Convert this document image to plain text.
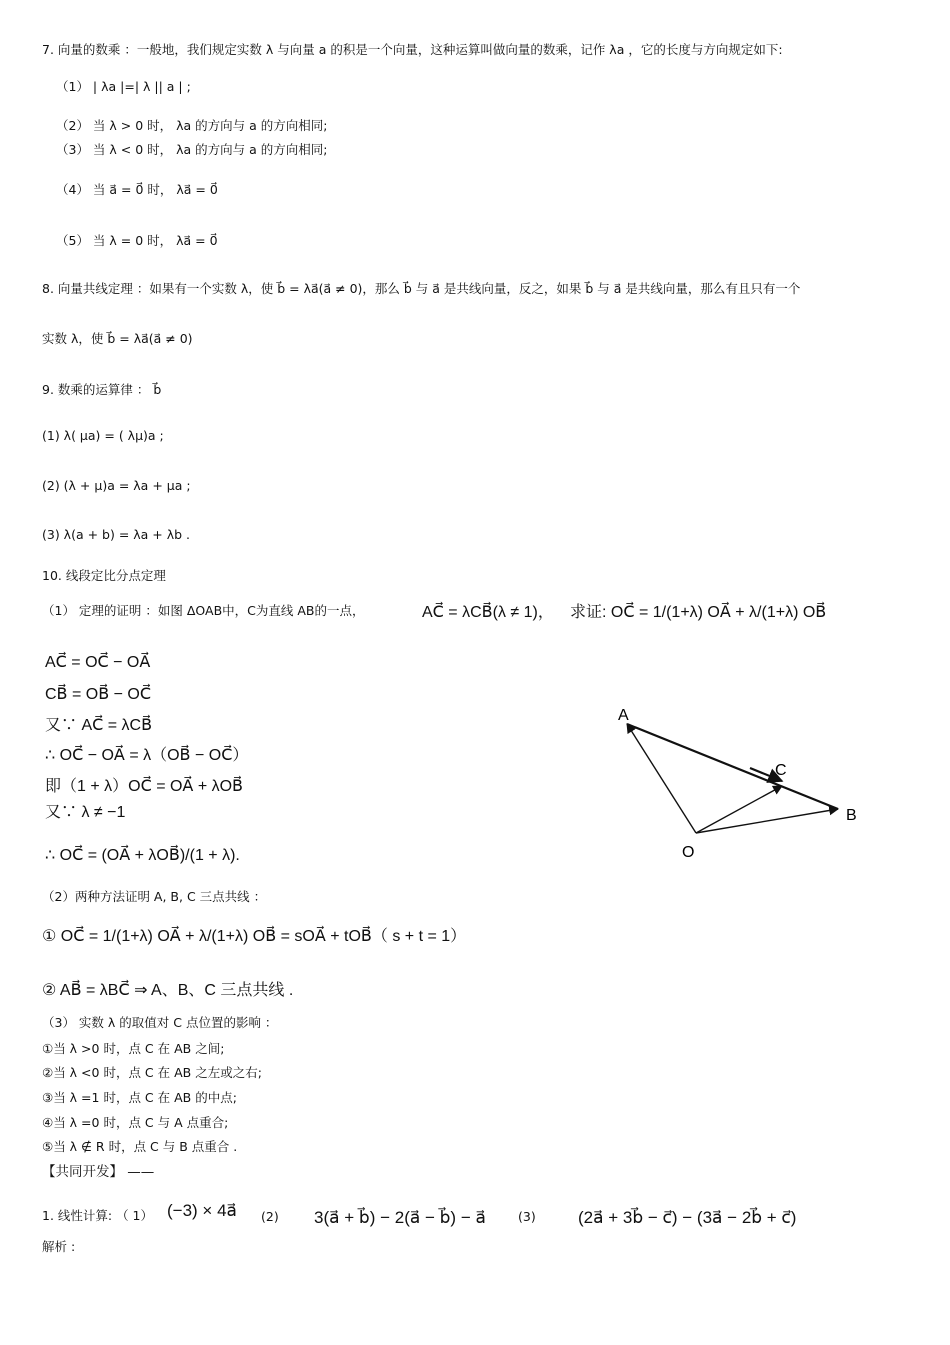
7. 向量的数乘 ：一般地，我们规定实数 λ 与向量 a 的积是一个向量，这种运算叫做向量的数乘，记作 λa ，它的长度与方向规定如下:
（1） | λa |=| λ || a | ;
（2） 当 λ > 0 时， λa 的方向与 a 的方向相同;
（3） 当 λ < 0 时， λa 的方向与 a 的方向相同;
（4） 当 a⃗ = 0⃗ 时， λa⃗ = 0⃗
（5） 当 λ = 0 时， λa⃗ = 0⃗
8. 向量共线定理 ：如果有一个实数 λ，使 b⃗ = λa⃗(a⃗ ≠ 0)，那么 b⃗ 与 a⃗ 是共线向量，反之，如果 b⃗ 与 a⃗ 是共线向量，那么有且只有一个
实数 λ，使 b⃗ = λa⃗(a⃗ ≠ 0)
9. 数乘的运算律 ： b⃗
(1) λ( μa) = ( λμ)a ;
(2) (λ + μ)a = λa + μa ;
(3) λ(a + b) = λa + λb .
10. 线段定比分点定理
（1） 定理的证明 ：如图 ΔOAB中，C为直线 AB的一点，	AC⃗ = λCB⃗(λ ≠ 1)， 求证: OC⃗ = 1/(1+λ) OA⃗ + λ/(1+λ) OB⃗
AC⃗ = OC⃗ − OA⃗
CB⃗ = OB⃗ − OC⃗
又∵ AC⃗ = λCB⃗
∴ OC⃗ − OA⃗ = λ（OB⃗ − OC⃗）
即（1 + λ）OC⃗ = OA⃗ + λOB⃗
又∵ λ ≠ −1
∴ OC⃗ = (OA⃗ + λOB⃗)/(1 + λ).
A
C
B
O
（2）两种方法证明 A, B, C 三点共线 ：
① OC⃗ = 1/(1+λ) OA⃗ + λ/(1+λ) OB⃗ = sOA⃗ + tOB⃗（ s + t = 1）
② AB⃗ = λBC⃗ ⇒ A、B、C 三点共线 .
（3） 实数 λ 的取值对 C 点位置的影响 ：
①当 λ >0 时，点 C 在 AB 之间;
②当 λ <0 时，点 C 在 AB 之左或之右;
③当 λ =1 时，点 C 在 AB 的中点;
④当 λ =0 时，点 C 与 A 点重合;
⑤当 λ ∉ R 时，点 C 与 B 点重合 .
【共同开发】 ——
1. 线性计算: （ 1） (−3) × 4a⃗ (2) 3(a⃗ + b⃗) − 2(a⃗ − b⃗) − a⃗	(3) (2a⃗ + 3b⃗ − c⃗) − (3a⃗ − 2b⃗ + c⃗)
解析 :
